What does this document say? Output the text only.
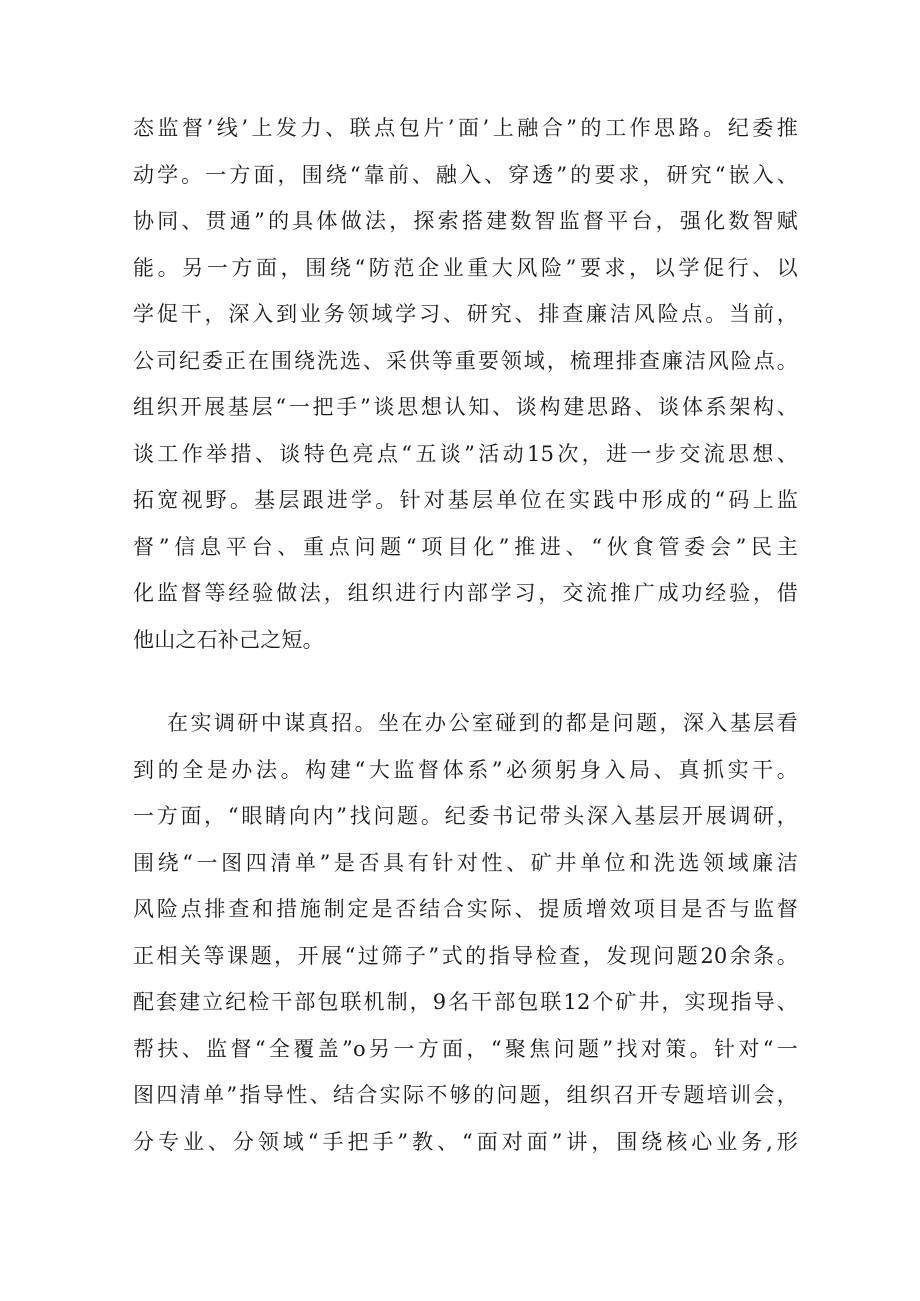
态监督’线’上发力、联点包片’面’上融合”的工作思路。纪委推
动学。一方面，围绕“靠前、融入、穿透”的要求，研究“嵌入、
协同、贯通”的具体做法，探索搭建数智监督平台，强化数智赋
能。另一方面，围绕“防范企业重大风险”要求，以学促行、以
学促干，深入到业务领域学习、研究、排查廉洁风险点。当前，
公司纪委正在围绕洗选、采供等重要领域，梳理排查廉洁风险点。
组织开展基层“一把手”谈思想认知、谈构建思路、谈体系架构、
谈工作举措、谈特色亮点“五谈”活动15次，进一步交流思想、
拓宽视野。基层跟进学。针对基层单位在实践中形成的“码上监
督”信息平台、重点问题“项目化”推进、“伙食管委会”民主
化监督等经验做法，组织进行内部学习，交流推广成功经验，借
他山之石补己之短。
在实调研中谋真招。坐在办公室碰到的都是问题，深入基层看
到的全是办法。构建“大监督体系”必须躬身入局、真抓实干。
一方面，“眼睛向内”找问题。纪委书记带头深入基层开展调研，
围绕“一图四清单”是否具有针对性、矿井单位和洗选领域廉洁
风险点排查和措施制定是否结合实际、提质增效项目是否与监督
正相关等课题，开展“过筛子”式的指导检查，发现问题20余条。
配套建立纪检干部包联机制，9名干部包联12个矿井，实现指导、
帮扶、监督“全覆盖”o另一方面，“聚焦问题”找对策。针对“一
图四清单”指导性、结合实际不够的问题，组织召开专题培训会，
分专业、分领域“手把手”教、“面对面”讲，围绕核心业务,形
